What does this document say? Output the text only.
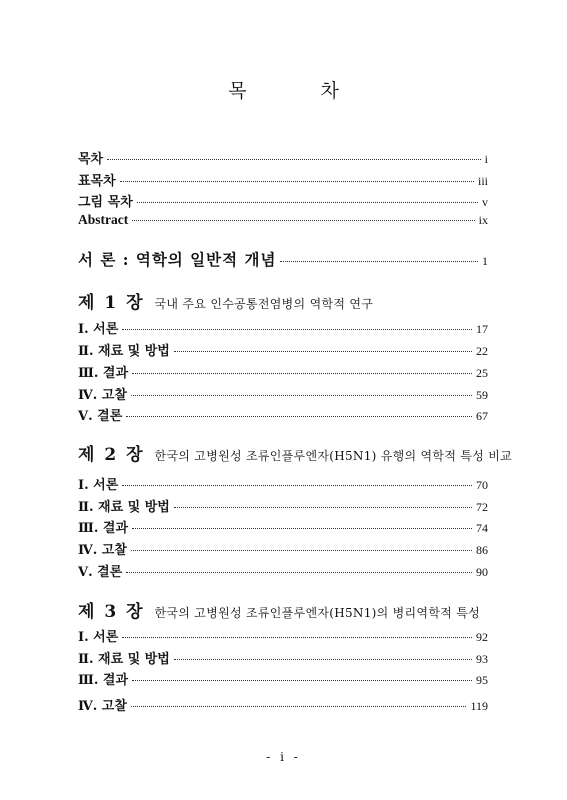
목 차
목차	i
표목차	iii
그림 목차	v
Abstract	ix
서 론 : 역학의 일반적 개념	1
제 1 장 국내 주요 인수공통전염병의 역학적 연구
Ⅰ. 서론	17
Ⅱ. 재료 및 방법	22
Ⅲ. 결과	25
Ⅳ. 고찰	59
Ⅴ. 결론	67
제 2 장 한국의 고병원성 조류인플루엔자(H5N1) 유행의 역학적 특성 비교
Ⅰ. 서론	70
Ⅱ. 재료 및 방법	72
Ⅲ. 결과	74
Ⅳ. 고찰	86
Ⅴ. 결론	90
제 3 장 한국의 고병원성 조류인플루엔자(H5N1)의 병리역학적 특성
Ⅰ. 서론	92
Ⅱ. 재료 및 방법	93
Ⅲ. 결과	95
Ⅳ. 고찰	119
- i -
